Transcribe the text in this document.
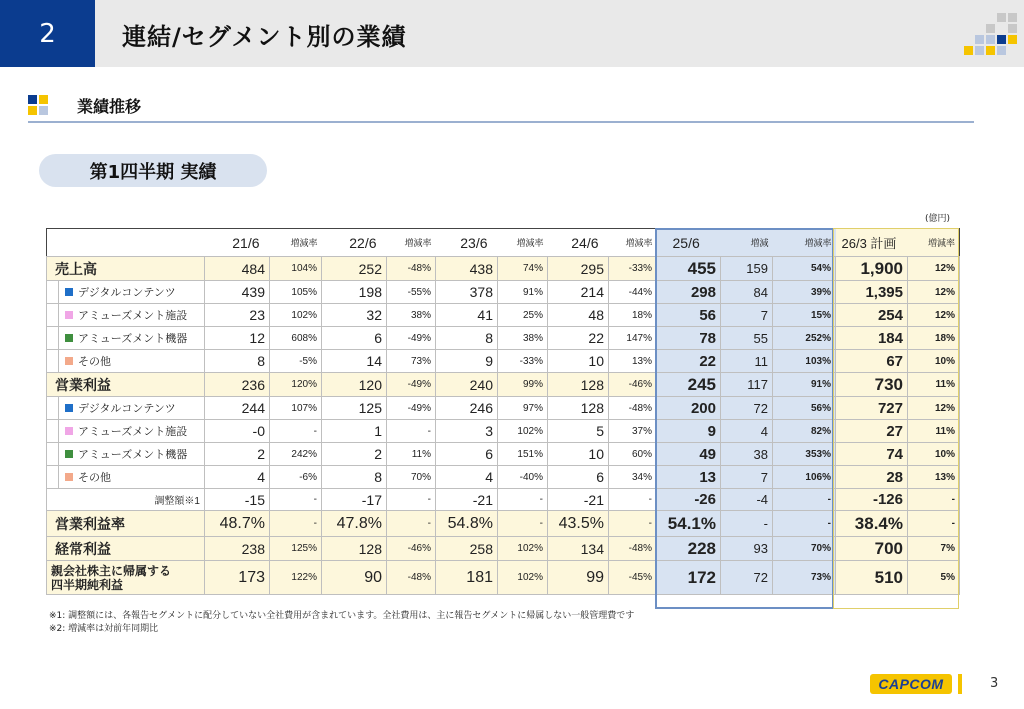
2	連結/セグメント別の業績
業績推移
第1四半期 実績
(億円)
	21/6	増減率	22/6	増減率	23/6	増減率	24/6	増減率	25/6	増減	増減率	26/3 計画	増減率
売上高	484	104%	252	-48%	438	74%	295	-33%	455	159	54%	1,900	12%

デジタルコンテンツ	439	105%	198	-55%	378	91%	214	-44%	298	84	39%	1,395	12%

アミューズメント施設	23	102%	32	38%	41	25%	48	18%	56	7	15%	254	12%

アミューズメント機器	12	608%	6	-49%	8	38%	22	147%	78	55	252%	184	18%

その他	8	-5%	14	73%	9	-33%	10	13%	22	11	103%	67	10%
営業利益	236	120%	120	-49%	240	99%	128	-46%	245	117	91%	730	11%

デジタルコンテンツ	244	107%	125	-49%	246	97%	128	-48%	200	72	56%	727	12%

アミューズメント施設	-0	-	1	-	3	102%	5	37%	9	4	82%	27	11%

アミューズメント機器	2	242%	2	11%	6	151%	10	60%	49	38	353%	74	10%

その他	4	-6%	8	70%	4	-40%	6	34%	13	7	106%	28	13%
調整額※1	-15	-	-17	-	-21	-	-21	-	-26	-4	-	-126	-
営業利益率	48.7%	-	47.8%	-	54.8%	-	43.5%	-	54.1%	-	-	38.4%	-
経常利益	238	125%	128	-46%	258	102%	134	-48%	228	93	70%	700	7%
親会社株主に帰属する
四半期純利益	173	122%	90	-48%	181	102%	99	-45%	172	72	73%	510	5%
※1: 調整額には、各報告セグメントに配分していない全社費用が含まれています。全社費用は、主に報告セグメントに帰属しない一般管理費です
※2: 増減率は対前年同期比
CAPCOM	3
